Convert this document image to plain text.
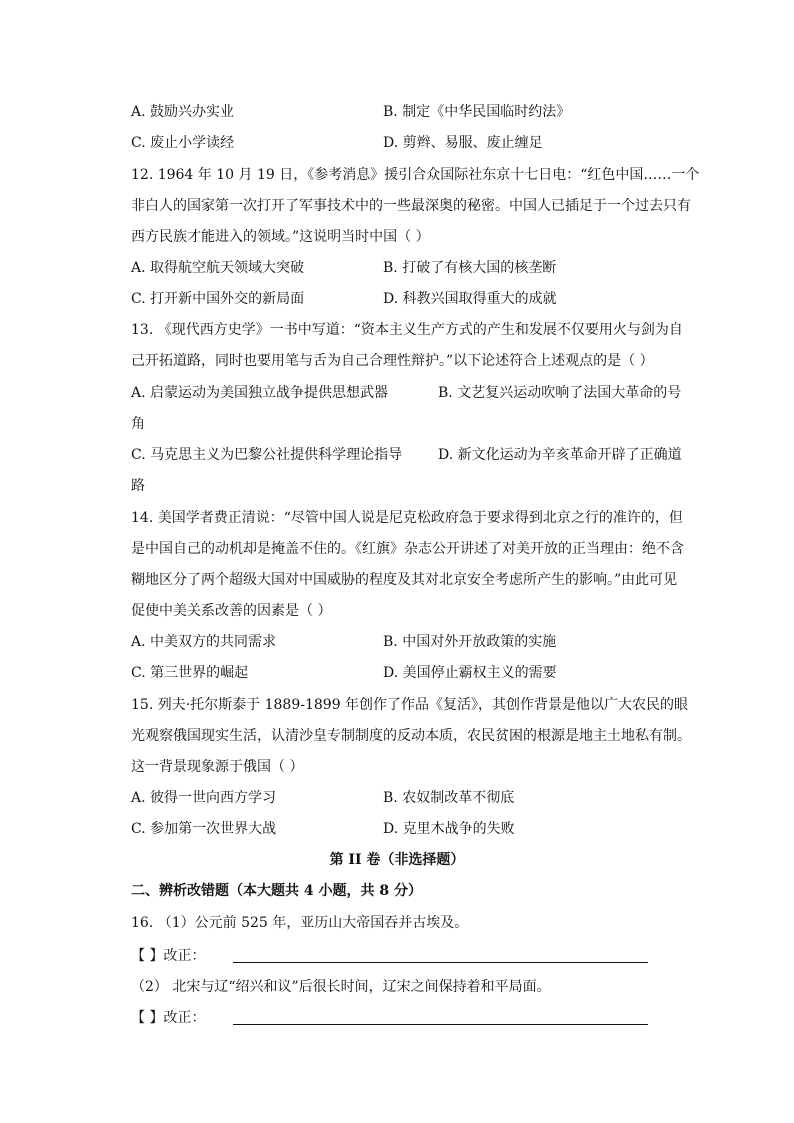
A. 鼓励兴办实业	B. 制定《中华民国临时约法》
C. 废止小学读经	D. 剪辫、易服、废止缠足
12. 1964 年 10 月 19 日，《参考消息》援引合众国际社东京十七日电：“红色中国……一个
非白人的国家第一次打开了军事技术中的一些最深奥的秘密。中国人已插足于一个过去只有
西方民族才能进入的领域。”这说明当时中国（ ）
A. 取得航空航天领域大突破	B. 打破了有核大国的核垄断
C. 打开新中国外交的新局面	D. 科教兴国取得重大的成就
13. 《现代西方史学》一书中写道：“资本主义生产方式的产生和发展不仅要用火与剑为自
己开拓道路，同时也要用笔与舌为自己合理性辩护。”以下论述符合上述观点的是（ ）
A. 启蒙运动为美国独立战争提供思想武器	B. 文艺复兴运动吹响了法国大革命的号
角
C. 马克思主义为巴黎公社提供科学理论指导	D. 新文化运动为辛亥革命开辟了正确道
路
14. 美国学者费正清说：“尽管中国人说是尼克松政府急于要求得到北京之行的准许的，但
是中国自己的动机却是掩盖不住的。《红旗》杂志公开讲述了对美开放的正当理由：绝不含
糊地区分了两个超级大国对中国威胁的程度及其对北京安全考虑所产生的影响。”由此可见
促使中美关系改善的因素是（ ）
A. 中美双方的共同需求	B. 中国对外开放政策的实施
C. 第三世界的崛起	D. 美国停止霸权主义的需要
15. 列夫·托尔斯泰于 1889-1899 年创作了作品《复活》，其创作背景是他以广大农民的眼
光观察俄国现实生活，认清沙皇专制制度的反动本质，农民贫困的根源是地主土地私有制。
这一背景现象源于俄国（ ）
A. 彼得一世向西方学习	B. 农奴制改革不彻底
C. 参加第一次世界大战	D. 克里木战争的失败
第 II 卷（非选择题）
二、辨析改错题（本大题共 4 小题，共 8 分）
16. （1）公元前 525 年，亚历山大帝国吞并古埃及。
【 】改正：
（2） 北宋与辽“绍兴和议”后很长时间，辽宋之间保持着和平局面。
【 】改正：
